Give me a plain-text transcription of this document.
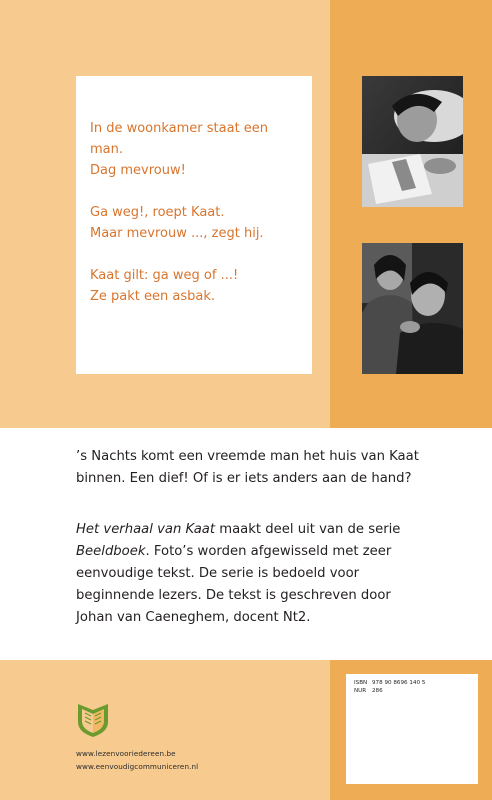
In de woonkamer staat een
man.
Dag mevrouw!
Ga weg!, roept Kaat.
Maar mevrouw ..., zegt hij.
Kaat gilt: ga weg of ...!
Ze pakt een asbak.
’s Nachts komt een vreemde man het huis van Kaat
binnen. Een dief! Of is er iets anders aan de hand?
Het verhaal van Kaat maakt deel uit van de serie
Beeldboek. Foto’s worden afgewisseld met zeer
eenvoudige tekst. De serie is bedoeld voor
beginnende lezers. De tekst is geschreven door
Johan van Caeneghem, docent Nt2.
ISBN 978 90 8696 140 5
NUR 286
www.lezenvooriedereen.be
www.eenvoudigcommuniceren.nl
